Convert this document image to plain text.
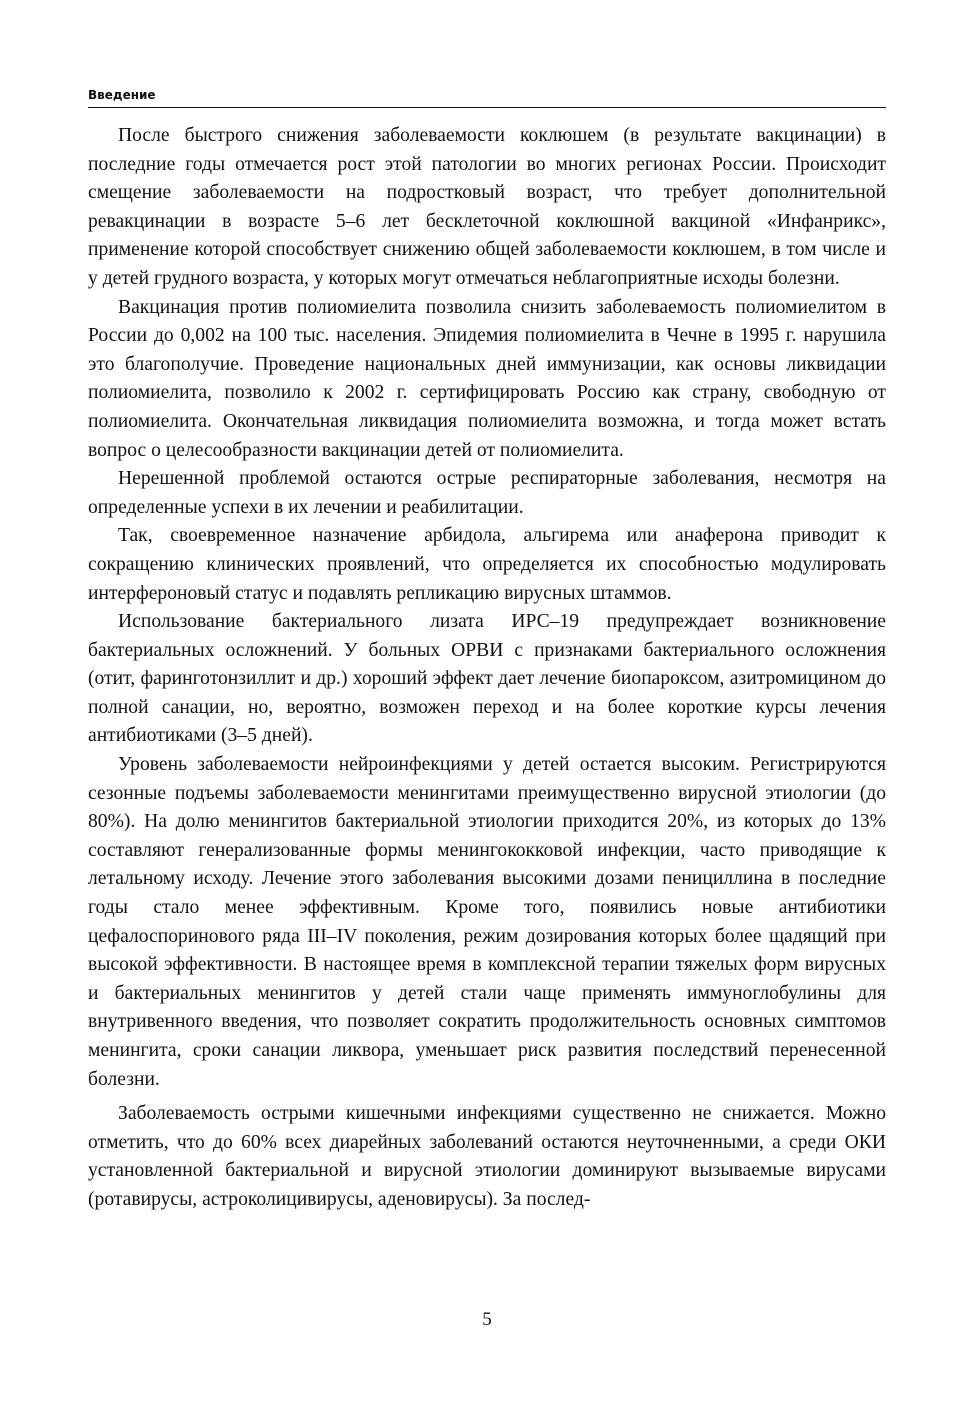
Введение

После быстрого снижения заболеваемости коклюшем (в результате вакцинации) в последние годы отмечается рост этой патологии во многих регионах России. Происходит смещение заболеваемости на подростковый возраст, что требует дополнительной ревакцинации в возрасте 5–6 лет бесклеточной коклюшной вакциной «Инфанрикс», применение которой способствует снижению общей заболеваемости коклюшем, в том числе и у детей грудного возраста, у которых могут отмечаться неблагоприятные исходы болезни.

Вакцинация против полиомиелита позволила снизить заболеваемость полиомиелитом в России до 0,002 на 100 тыс. населения. Эпидемия полиомиелита в Чечне в 1995 г. нарушила это благополучие. Проведение национальных дней иммунизации, как основы ликвидации полиомиелита, позволило к 2002 г. сертифицировать Россию как страну, свободную от полиомиелита. Окончательная ликвидация полиомиелита возможна, и тогда может встать вопрос о целесообразности вакцинации детей от полиомиелита.

Нерешенной проблемой остаются острые респираторные заболевания, несмотря на определенные успехи в их лечении и реабилитации.

Так, своевременное назначение арбидола, альгирема или анаферона приводит к сокращению клинических проявлений, что определяется их способностью модулировать интерфероновый статус и подавлять репликацию вирусных штаммов.

Использование бактериального лизата ИРС–19 предупреждает возникновение бактериальных осложнений. У больных ОРВИ с признаками бактериального осложнения (отит, фаринготонзиллит и др.) хороший эффект дает лечение биопароксом, азитромицином до полной санации, но, вероятно, возможен переход и на более короткие курсы лечения антибиотиками (3–5 дней).

Уровень заболеваемости нейроинфекциями у детей остается высоким. Регистрируются сезонные подъемы заболеваемости менингитами преимущественно вирусной этиологии (до 80%). На долю менингитов бактериальной этиологии приходится 20%, из которых до 13% составляют генерализованные формы менингококковой инфекции, часто приводящие к летальному исходу. Лечение этого заболевания высокими дозами пенициллина в последние годы стало менее эффективным. Кроме того, появились новые антибиотики цефалоспоринового ряда III–IV поколения, режим дозирования которых более щадящий при высокой эффективности. В настоящее время в комплексной терапии тяжелых форм вирусных и бактериальных менингитов у детей стали чаще применять иммуноглобулины для внутривенного введения, что позволяет сократить продолжительность основных симптомов менингита, сроки санации ликвора, уменьшает риск развития последствий перенесенной болезни.

Заболеваемость острыми кишечными инфекциями существенно не снижается. Можно отметить, что до 60% всех диарейных заболеваний остаются неуточненными, а среди ОКИ установленной бактериальной и вирусной этиологии доминируют вызываемые вирусами (ротавирусы, астроколицивирусы, аденовирусы). За послед-

5
